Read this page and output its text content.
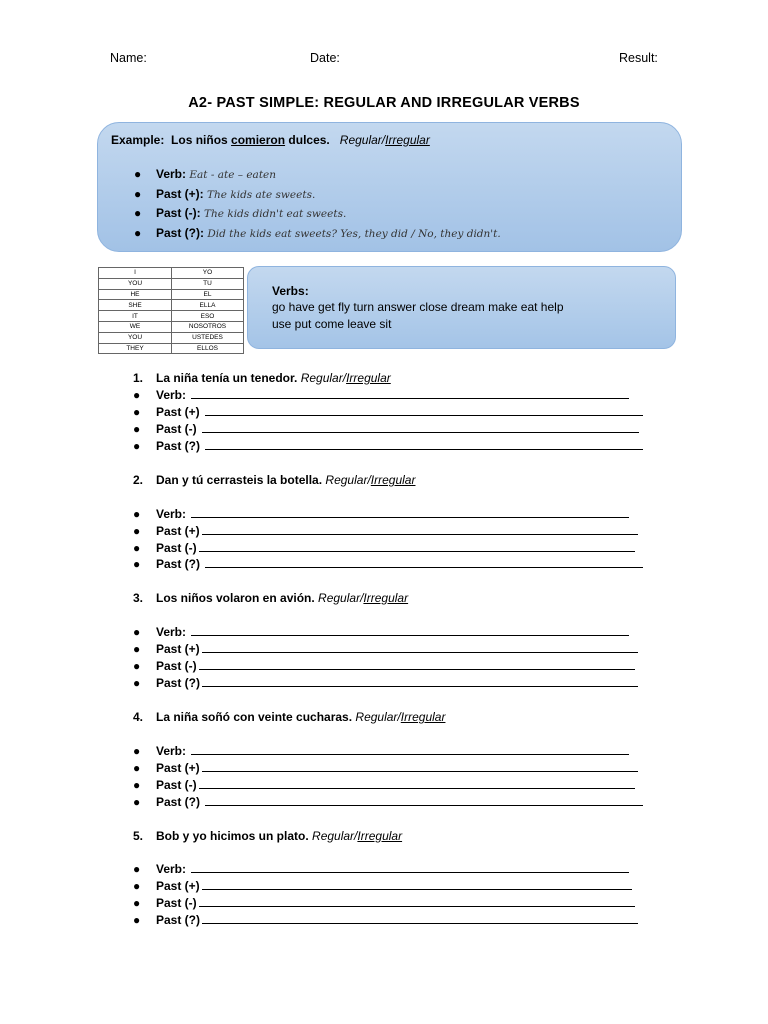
Name:	Date:	Result:
A2- PAST SIMPLE: REGULAR AND IRREGULAR VERBS
Example: Los niños comieron dulces. Regular/Irregular
● Verb: Eat - ate – eaten
● Past (+): The kids ate sweets.
● Past (-): The kids didn't eat sweets.
● Past (?): Did the kids eat sweets? Yes, they did / No, they didn't.
I	YO
YOU	TU
HE	EL
SHE	ELLA
IT	ESO
WE	NOSOTROS
YOU	USTEDES
THEY	ELLOS
Verbs:
go have get fly turn answer close dream make eat help
use put come leave sit
1. La niña tenía un tenedor. Regular/Irregular
● Verb:
● Past (+)
● Past (-)
● Past (?)
2. Dan y tú cerrasteis la botella. Regular/Irregular
● Verb:
● Past (+)
● Past (-)
● Past (?)
3. Los niños volaron en avión. Regular/Irregular
● Verb:
● Past (+)
● Past (-)
● Past (?)
4. La niña soñó con veinte cucharas. Regular/Irregular
● Verb:
● Past (+)
● Past (-)
● Past (?)
5. Bob y yo hicimos un plato. Regular/Irregular
● Verb:
● Past (+)
● Past (-)
● Past (?)
